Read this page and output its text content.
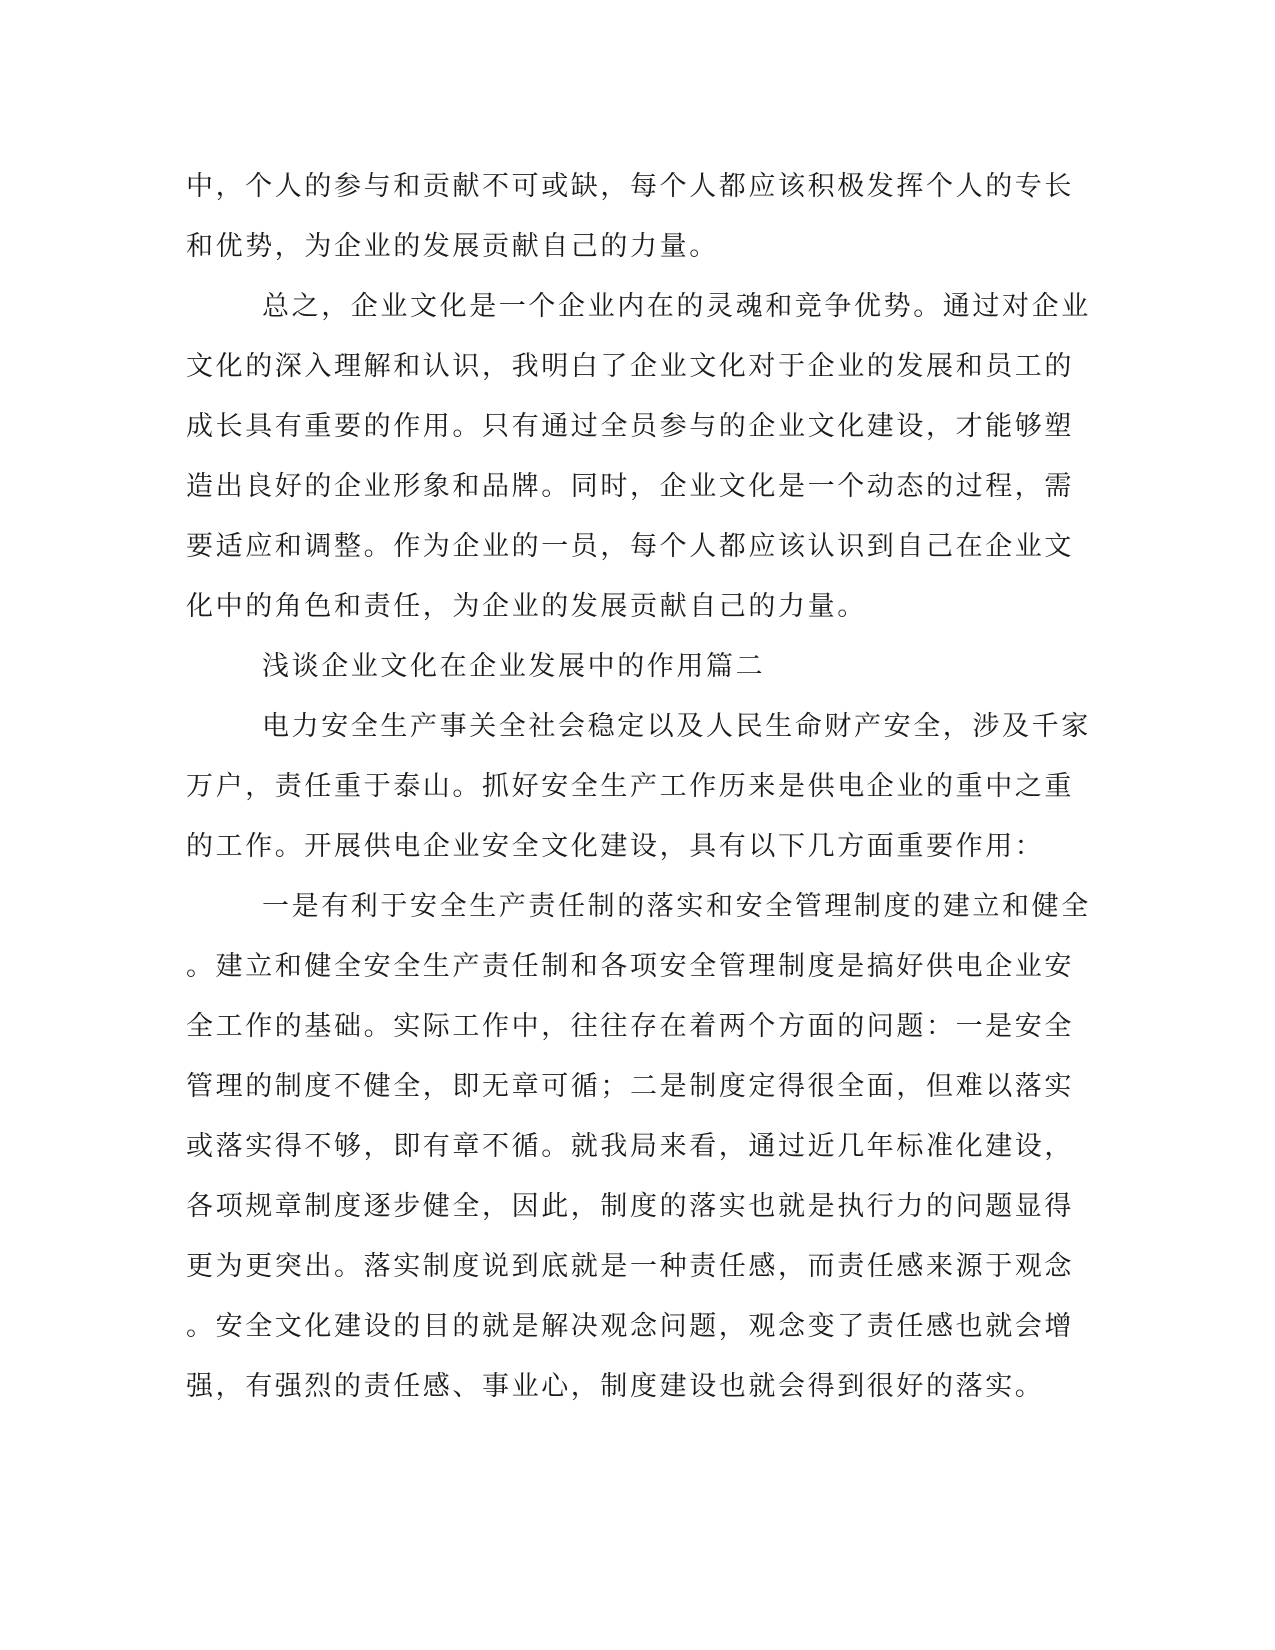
中，个人的参与和贡献不可或缺，每个人都应该积极发挥个人的专长
和优势，为企业的发展贡献自己的力量。
总之，企业文化是一个企业内在的灵魂和竞争优势。通过对企业
文化的深入理解和认识，我明白了企业文化对于企业的发展和员工的
成长具有重要的作用。只有通过全员参与的企业文化建设，才能够塑
造出良好的企业形象和品牌。同时，企业文化是一个动态的过程，需
要适应和调整。作为企业的一员，每个人都应该认识到自己在企业文
化中的角色和责任，为企业的发展贡献自己的力量。
浅谈企业文化在企业发展中的作用篇二
电力安全生产事关全社会稳定以及人民生命财产安全，涉及千家
万户，责任重于泰山。抓好安全生产工作历来是供电企业的重中之重
的工作。开展供电企业安全文化建设，具有以下几方面重要作用：
一是有利于安全生产责任制的落实和安全管理制度的建立和健全
。建立和健全安全生产责任制和各项安全管理制度是搞好供电企业安
全工作的基础。实际工作中，往往存在着两个方面的问题：一是安全
管理的制度不健全，即无章可循；二是制度定得很全面，但难以落实
或落实得不够，即有章不循。就我局来看，通过近几年标准化建设，
各项规章制度逐步健全，因此，制度的落实也就是执行力的问题显得
更为更突出。落实制度说到底就是一种责任感，而责任感来源于观念
。安全文化建设的目的就是解决观念问题，观念变了责任感也就会增
强，有强烈的责任感、事业心，制度建设也就会得到很好的落实。
